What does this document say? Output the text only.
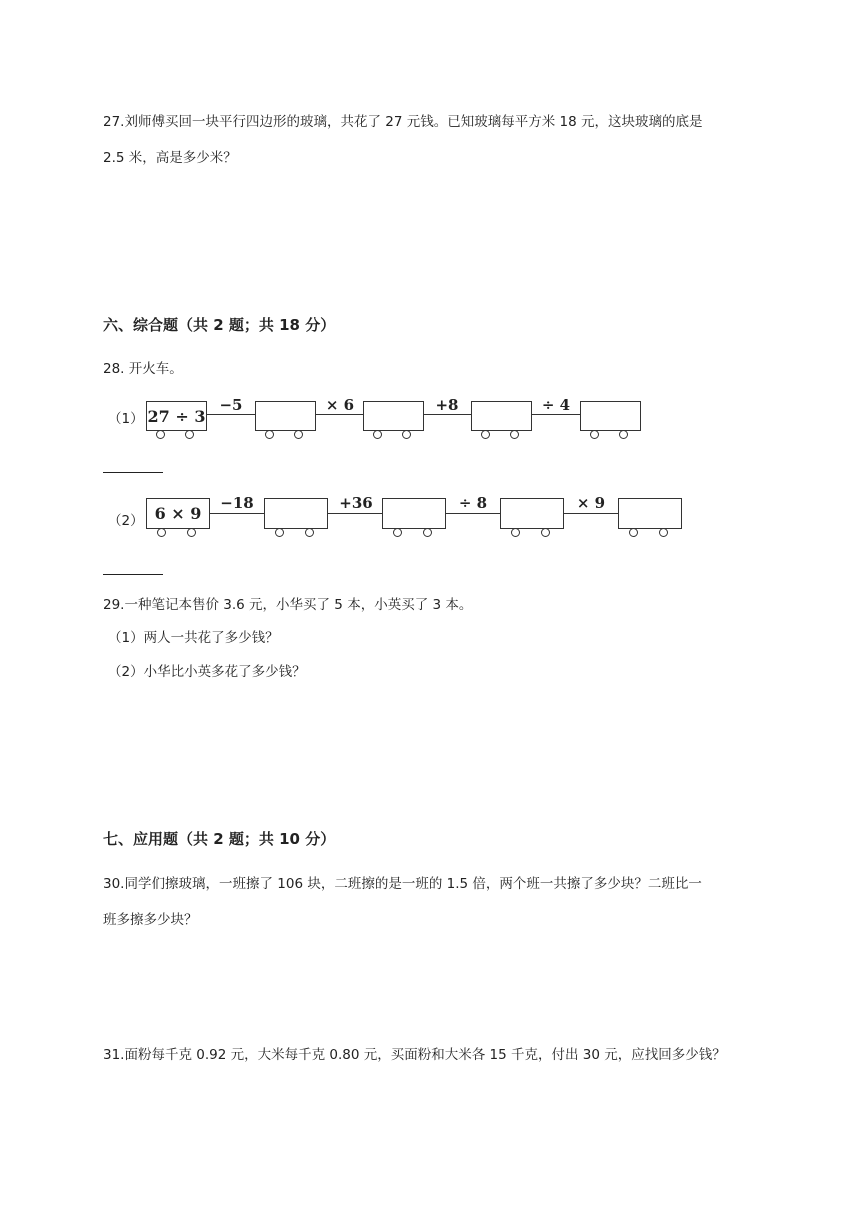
27.刘师傅买回一块平行四边形的玻璃，共花了 27 元钱。已知玻璃每平方米 18 元，这块玻璃的底是
2.5 米，高是多少米？
六、综合题（共 2 题；共 18 分）
28. 开火车。
（1） 27 ÷ 3
−5	× 6	+8	÷ 4
（2） 6 × 9
−18	+36	÷ 8	× 9
29.一种笔记本售价 3.6 元，小华买了 5 本，小英买了 3 本。
（1）两人一共花了多少钱？
（2）小华比小英多花了多少钱？
七、应用题（共 2 题；共 10 分）
30.同学们擦玻璃，一班擦了 106 块，二班擦的是一班的 1.5 倍，两个班一共擦了多少块？二班比一
班多擦多少块？
31.面粉每千克 0.92 元，大米每千克 0.80 元，买面粉和大米各 15 千克，付出 30 元，应找回多少钱？
